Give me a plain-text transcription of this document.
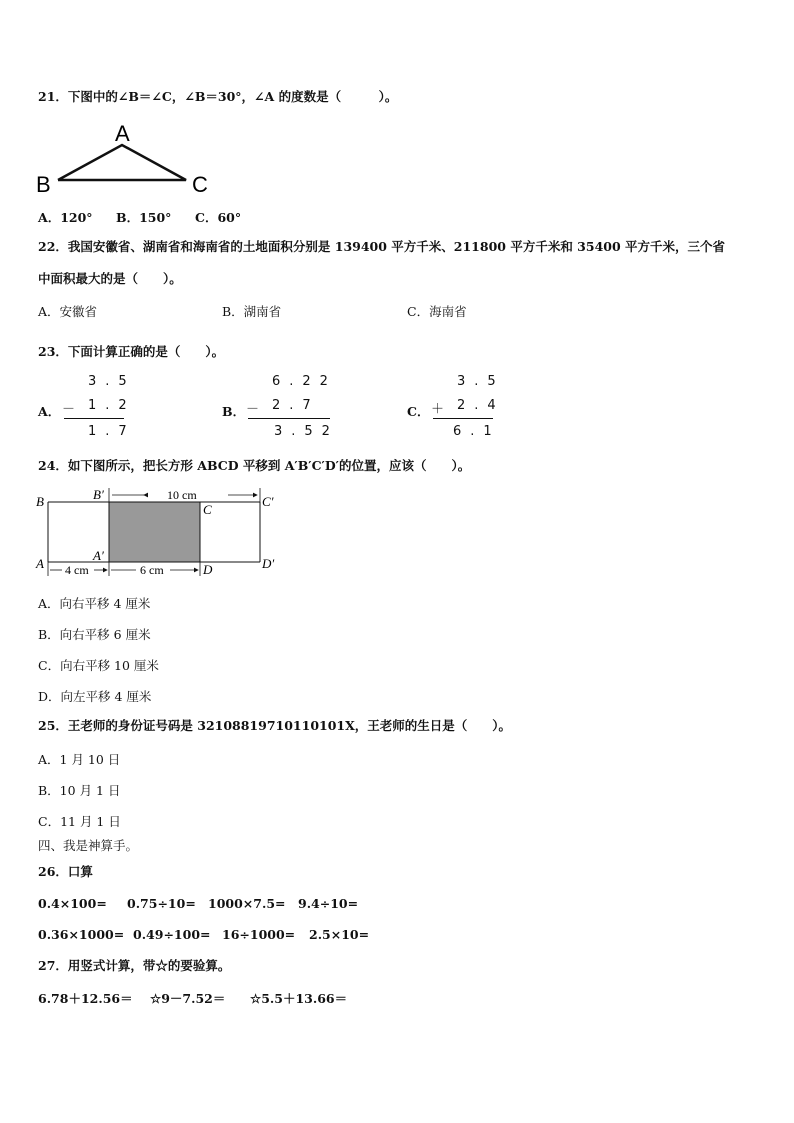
21．下图中的∠B＝∠C，∠B＝30°，∠A 的度数是（　　　）。
A
B	C
A．120° B．150° C．60°
22．我国安徽省、湖南省和海南省的土地面积分别是 139400 平方千米、211800 平方千米和 35400 平方千米，三个省
中面积最大的是（　　）。
A．安徽省	B．湖南省	C．海南省
23．下面计算正确的是（　　）。
A．
3.5
－ 1.2
1.7
B．
6.22
－ 2.7
3.52
C．
3.5
＋ 2.4
6.1
24．如下图所示，把长方形 ABCD 平移到 A′B′C′D′的位置，应该（　　）。
10 cm
4 cm	6 cm
B	B′
C
C′
A
A′
D	D′
A．向右平移 4 厘米
B．向右平移 6 厘米
C．向右平移 10 厘米
D．向左平移 4 厘米
25．王老师的身份证号码是 32108819710110101X，王老师的生日是（　　）。
A．1 月 10 日
B．10 月 1 日
C．11 月 1 日
四、我是神算手。
26．口算
0.4×100= 0.75÷10= 1000×7.5= 9.4÷10=
0.36×1000= 0.49÷100= 16÷1000= 2.5×10=
27．用竖式计算，带☆的要验算。
6.78＋12.56＝ ☆9－7.52＝ ☆5.5＋13.66＝
